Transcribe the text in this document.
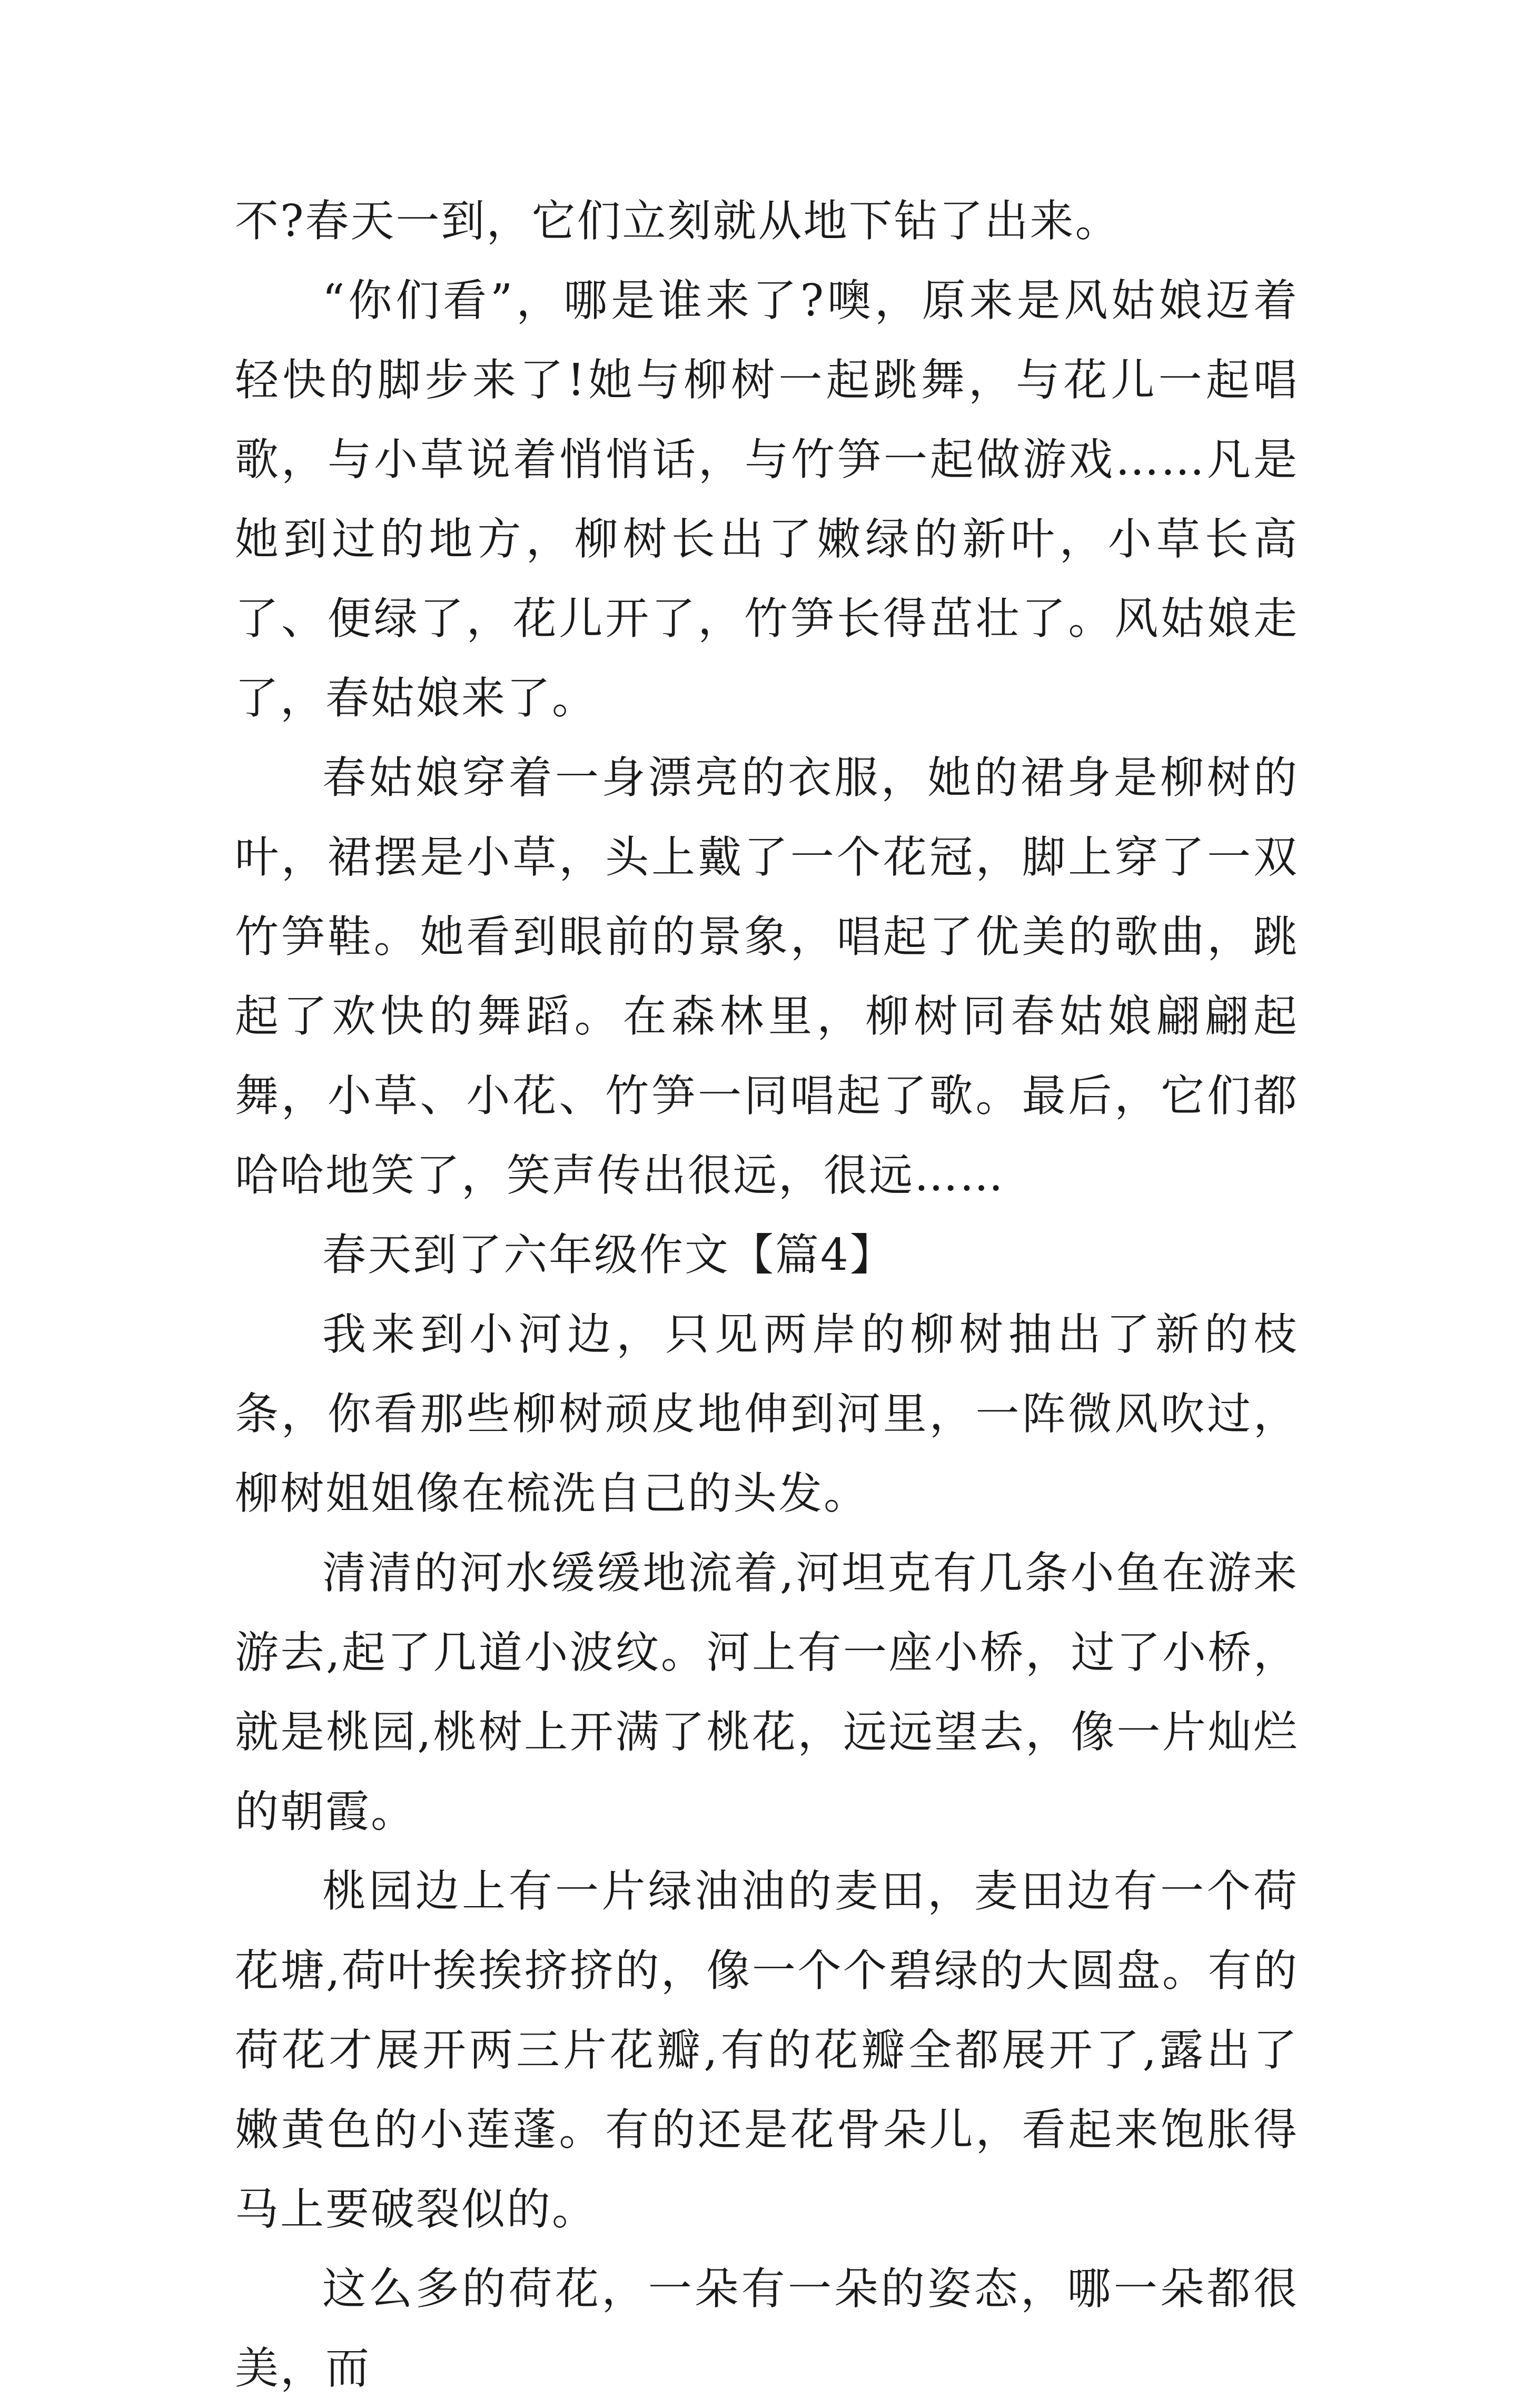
不?春天一到，它们立刻就从地下钻了出来。

“你们看”，哪是谁来了?噢，原来是风姑娘迈着轻快的脚步来了!她与柳树一起跳舞，与花儿一起唱歌，与小草说着悄悄话，与竹笋一起做游戏……凡是她到过的地方，柳树长出了嫩绿的新叶，小草长高了、便绿了，花儿开了，竹笋长得茁壮了。风姑娘走了，春姑娘来了。

春姑娘穿着一身漂亮的衣服，她的裙身是柳树的叶，裙摆是小草，头上戴了一个花冠，脚上穿了一双竹笋鞋。她看到眼前的景象，唱起了优美的歌曲，跳起了欢快的舞蹈。在森林里，柳树同春姑娘翩翩起舞，小草、小花、竹笋一同唱起了歌。最后，它们都哈哈地笑了，笑声传出很远，很远……

春天到了六年级作文【篇4】

我来到小河边，只见两岸的柳树抽出了新的枝条，你看那些柳树顽皮地伸到河里，一阵微风吹过，柳树姐姐像在梳洗自己的头发。

清清的河水缓缓地流着,河坦克有几条小鱼在游来游去,起了几道小波纹。河上有一座小桥，过了小桥，就是桃园,桃树上开满了桃花，远远望去，像一片灿烂的朝霞。

桃园边上有一片绿油油的麦田，麦田边有一个荷花塘,荷叶挨挨挤挤的，像一个个碧绿的大圆盘。有的荷花才展开两三片花瓣,有的花瓣全都展开了,露出了嫩黄色的小莲蓬。有的还是花骨朵儿，看起来饱胀得马上要破裂似的。

这么多的荷花，一朵有一朵的姿态，哪一朵都很美，而
